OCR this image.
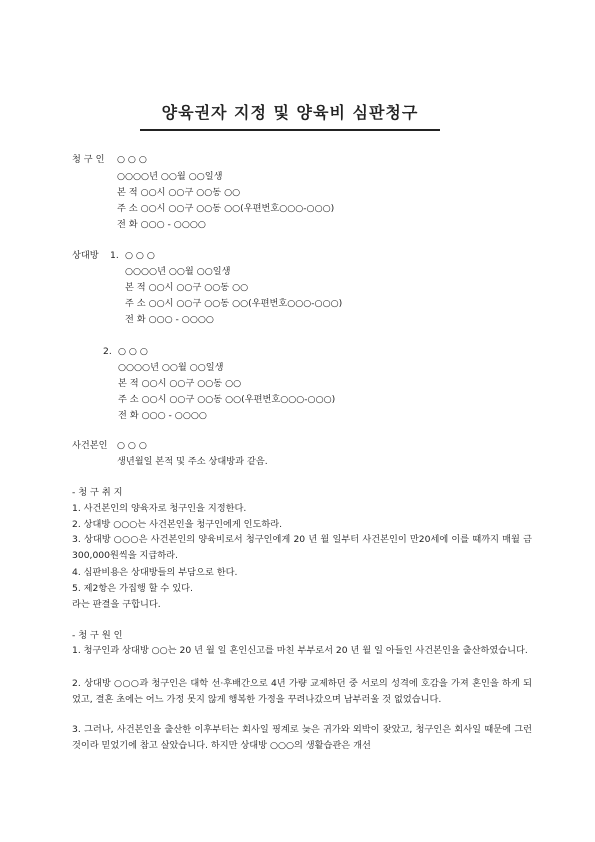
양육권자 지정 및 양육비 심판청구
청 구 인 ○ ○ ○
○○○○년 ○○월 ○○일생
본 적 ○○시 ○○구 ○○동 ○○
주 소 ○○시 ○○구 ○○동 ○○(우편번호○○○-○○○)
전 화 ○○○ - ○○○○
상대방 1. ○ ○ ○
○○○○년 ○○월 ○○일생
본 적 ○○시 ○○구 ○○동 ○○
주 소 ○○시 ○○구 ○○동 ○○(우편번호○○○-○○○)
전 화 ○○○ - ○○○○
2. ○ ○ ○
○○○○년 ○○월 ○○일생
본 적 ○○시 ○○구 ○○동 ○○
주 소 ○○시 ○○구 ○○동 ○○(우편번호○○○-○○○)
전 화 ○○○ - ○○○○
사건본인 ○ ○ ○
생년월일 본적 및 주소 상대방과 같음.
- 청 구 취 지
1. 사건본인의 양육자로 청구인을 지정한다.
2. 상대방 ○○○는 사건본인을 청구인에게 인도하라.
3. 상대방 ○○○은 사건본인의 양육비로서 청구인에게 20 년 월 일부터 사건본인이 만20세에 이를 때까지 매월 금 300,000원씩을 지급하라.
4. 심판비용은 상대방들의 부담으로 한다.
5. 제2항은 가집행 할 수 있다.
라는 판결을 구합니다.
- 청 구 원 인
1. 청구인과 상대방 ○○는 20 년 월 일 혼인신고를 마친 부부로서 20 년 월 일 아들인 사건본인을 출산하였습니다.
2. 상대방 ○○○과 청구인은 대학 선·후배간으로 4년 가량 교제하던 중 서로의 성격에 호감을 가져 혼인을 하게 되었고, 결혼 초에는 어느 가정 못지 않게 행복한 가정을 꾸려나갔으며 남부러울 것 없었습니다.
3. 그러나, 사건본인을 출산한 이후부터는 회사일 핑계로 늦은 귀가와 외박이 잦았고, 청구인은 회사일 때문에 그런 것이라 믿었기에 참고 살았습니다. 하지만 상대방 ○○○의 생활습관은 개선
